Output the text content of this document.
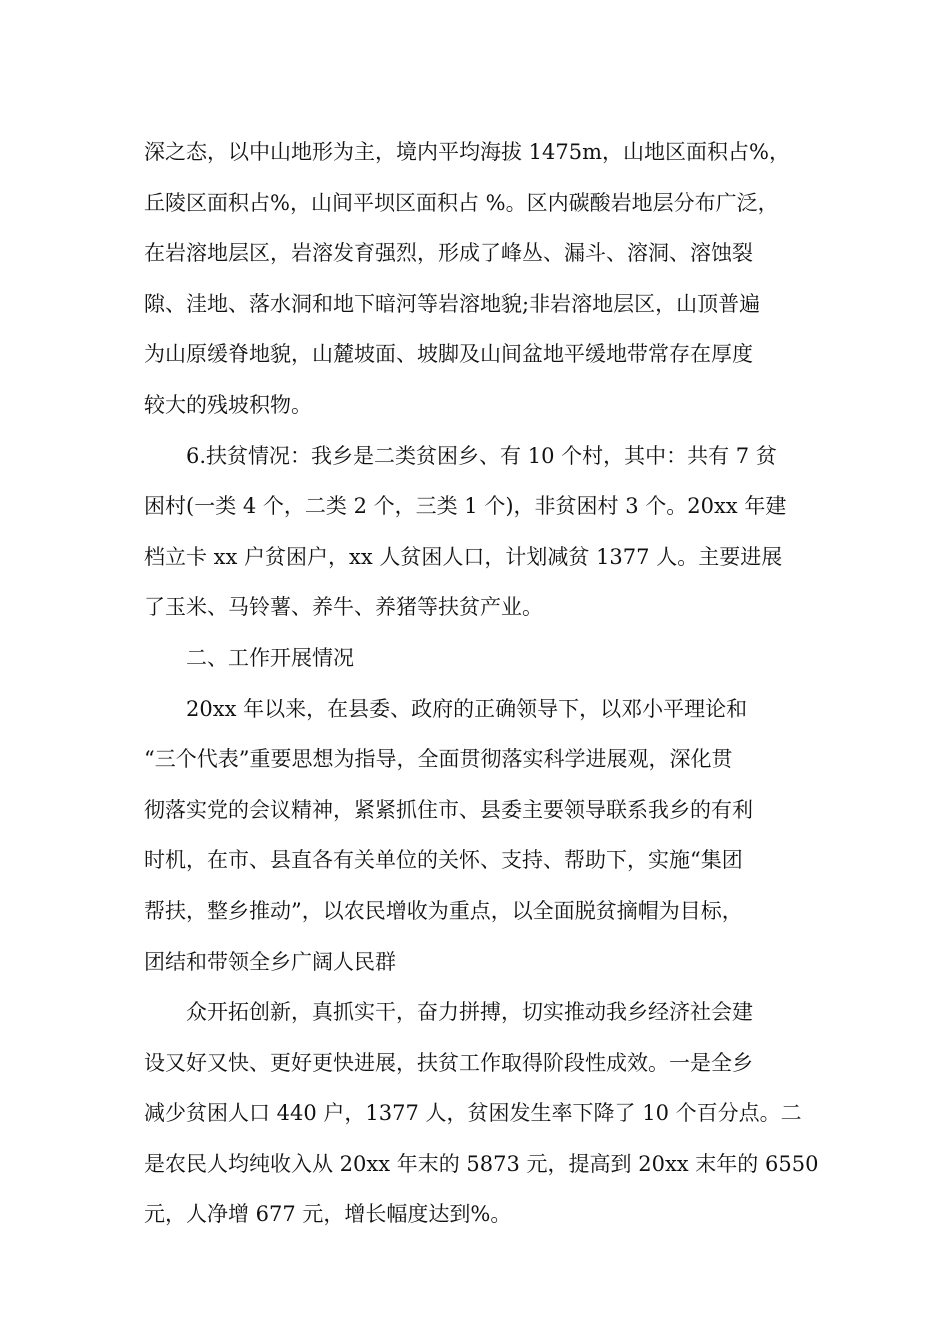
深之态，以中山地形为主，境内平均海拔 1475m，山地区面积占%，
丘陵区面积占%，山间平坝区面积占 %。区内碳酸岩地层分布广泛，
在岩溶地层区，岩溶发育强烈，形成了峰丛、漏斗、溶洞、溶蚀裂
隙、洼地、落水洞和地下暗河等岩溶地貌;非岩溶地层区，山顶普遍
为山原缓脊地貌，山麓坡面、坡脚及山间盆地平缓地带常存在厚度
较大的残坡积物。
6.扶贫情况：我乡是二类贫困乡、有 10 个村，其中：共有 7 贫
困村(一类 4 个，二类 2 个，三类 1 个)，非贫困村 3 个。20xx 年建
档立卡 xx 户贫困户，xx 人贫困人口，计划减贫 1377 人。主要进展
了玉米、马铃薯、养牛、养猪等扶贫产业。
二、工作开展情况
20xx 年以来，在县委、政府的正确领导下，以邓小平理论和
“三个代表”重要思想为指导，全面贯彻落实科学进展观，深化贯
彻落实党的会议精神，紧紧抓住市、县委主要领导联系我乡的有利
时机，在市、县直各有关单位的关怀、支持、帮助下，实施“集团
帮扶，整乡推动”，以农民增收为重点，以全面脱贫摘帽为目标，
团结和带领全乡广阔人民群
众开拓创新，真抓实干，奋力拼搏，切实推动我乡经济社会建
设又好又快、更好更快进展，扶贫工作取得阶段性成效。一是全乡
减少贫困人口 440 户，1377 人，贫困发生率下降了 10 个百分点。二
是农民人均纯收入从 20xx 年末的 5873 元，提高到 20xx 末年的 6550
元，人净增 677 元，增长幅度达到%。
